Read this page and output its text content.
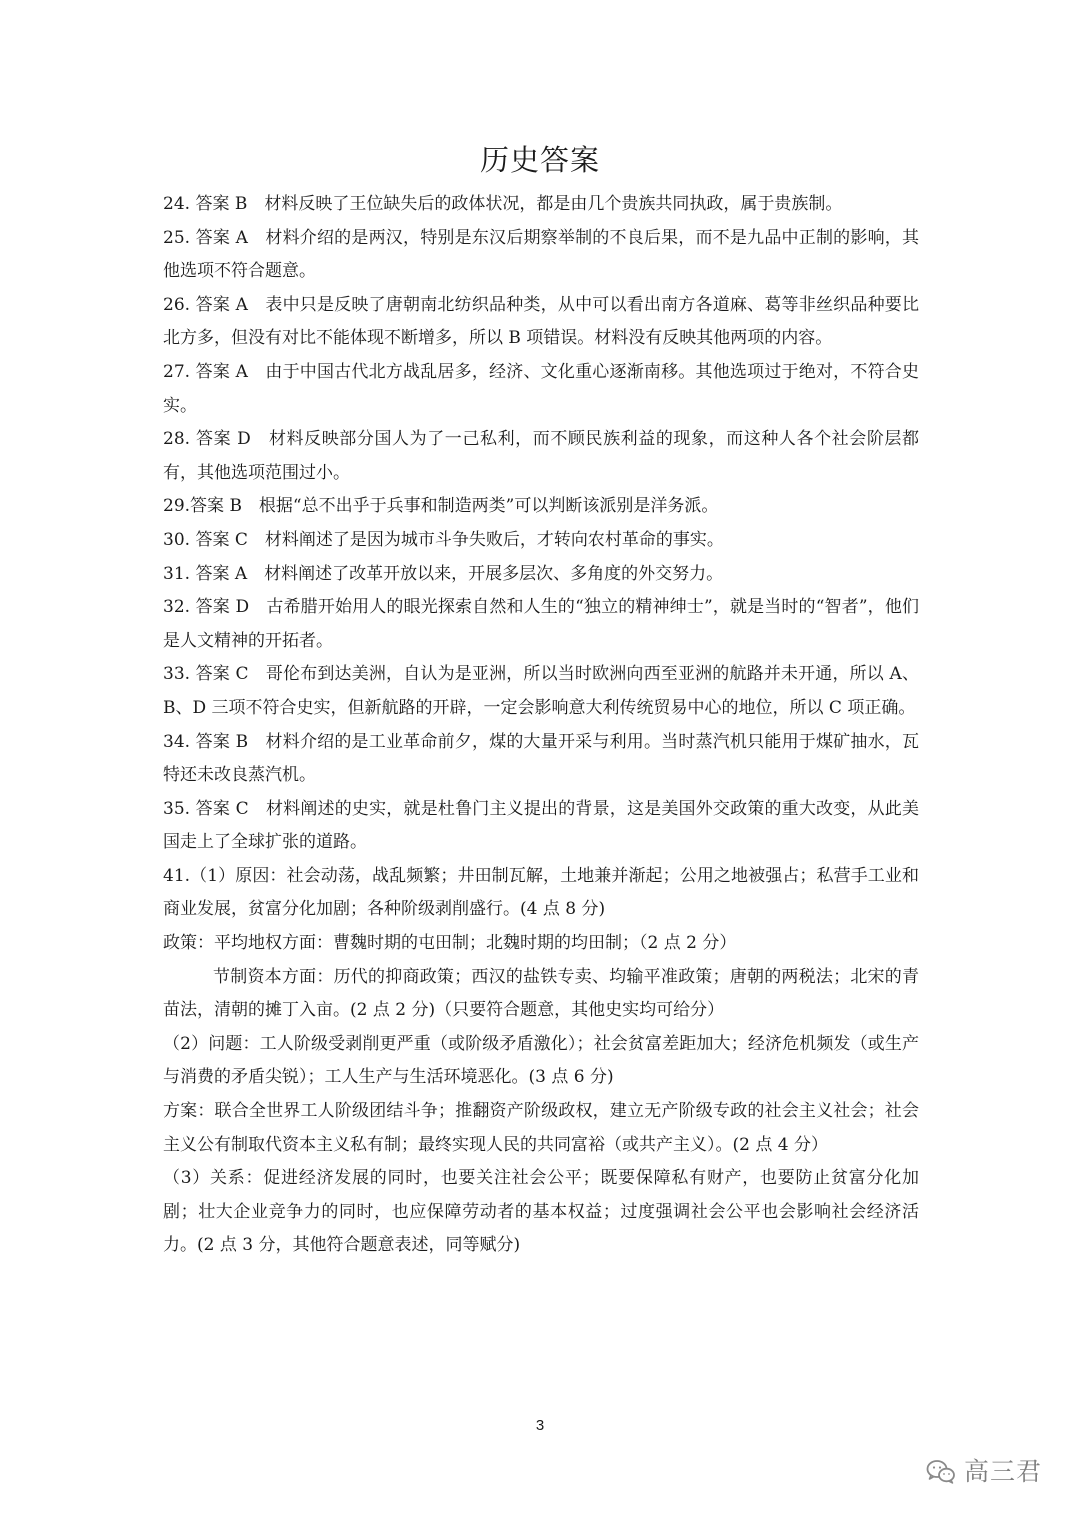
历史答案

24. 答案 B　材料反映了王位缺失后的政体状况，都是由几个贵族共同执政，属于贵族制。

25. 答案 A　材料介绍的是两汉，特别是东汉后期察举制的不良后果，而不是九品中正制的影响，其他选项不符合题意。

26. 答案 A　表中只是反映了唐朝南北纺织品种类，从中可以看出南方各道麻、葛等非丝织品种要比北方多，但没有对比不能体现不断增多，所以 B 项错误。材料没有反映其他两项的内容。

27. 答案 A　由于中国古代北方战乱居多，经济、文化重心逐渐南移。其他选项过于绝对，不符合史实。

28. 答案 D　材料反映部分国人为了一己私利，而不顾民族利益的现象，而这种人各个社会阶层都有，其他选项范围过小。

29.答案 B　根据“总不出乎于兵事和制造两类”可以判断该派别是洋务派。

30. 答案 C　材料阐述了是因为城市斗争失败后，才转向农村革命的事实。

31. 答案 A　材料阐述了改革开放以来，开展多层次、多角度的外交努力。

32. 答案 D　古希腊开始用人的眼光探索自然和人生的“独立的精神绅士”，就是当时的“智者”，他们是人文精神的开拓者。

33. 答案 C　哥伦布到达美洲，自认为是亚洲，所以当时欧洲向西至亚洲的航路并未开通，所以 A、B、D 三项不符合史实，但新航路的开辟，一定会影响意大利传统贸易中心的地位，所以 C 项正确。

34. 答案 B　材料介绍的是工业革命前夕，煤的大量开采与利用。当时蒸汽机只能用于煤矿抽水，瓦特还未改良蒸汽机。

35. 答案 C　材料阐述的史实，就是杜鲁门主义提出的背景，这是美国外交政策的重大改变，从此美国走上了全球扩张的道路。

41.（1）原因：社会动荡，战乱频繁；井田制瓦解，土地兼并渐起；公用之地被强占；私营手工业和商业发展，贫富分化加剧；各种阶级剥削盛行。(4 点 8 分)

政策：平均地权方面：曹魏时期的屯田制；北魏时期的均田制；（2 点 2 分）

节制资本方面：历代的抑商政策；西汉的盐铁专卖、均输平准政策；唐朝的两税法；北宋的青苗法，清朝的摊丁入亩。(2 点 2 分)（只要符合题意，其他史实均可给分）

（2）问题：工人阶级受剥削更严重（或阶级矛盾激化）；社会贫富差距加大；经济危机频发（或生产与消费的矛盾尖锐）；工人生产与生活环境恶化。(3 点 6 分)

方案：联合全世界工人阶级团结斗争；推翻资产阶级政权，建立无产阶级专政的社会主义社会；社会主义公有制取代资本主义私有制；最终实现人民的共同富裕（或共产主义）。(2 点 4 分）

（3）关系：促进经济发展的同时，也要关注社会公平；既要保障私有财产，也要防止贫富分化加剧；壮大企业竞争力的同时，也应保障劳动者的基本权益；过度强调社会公平也会影响社会经济活力。(2 点 3 分，其他符合题意表述，同等赋分)

3
高三君
